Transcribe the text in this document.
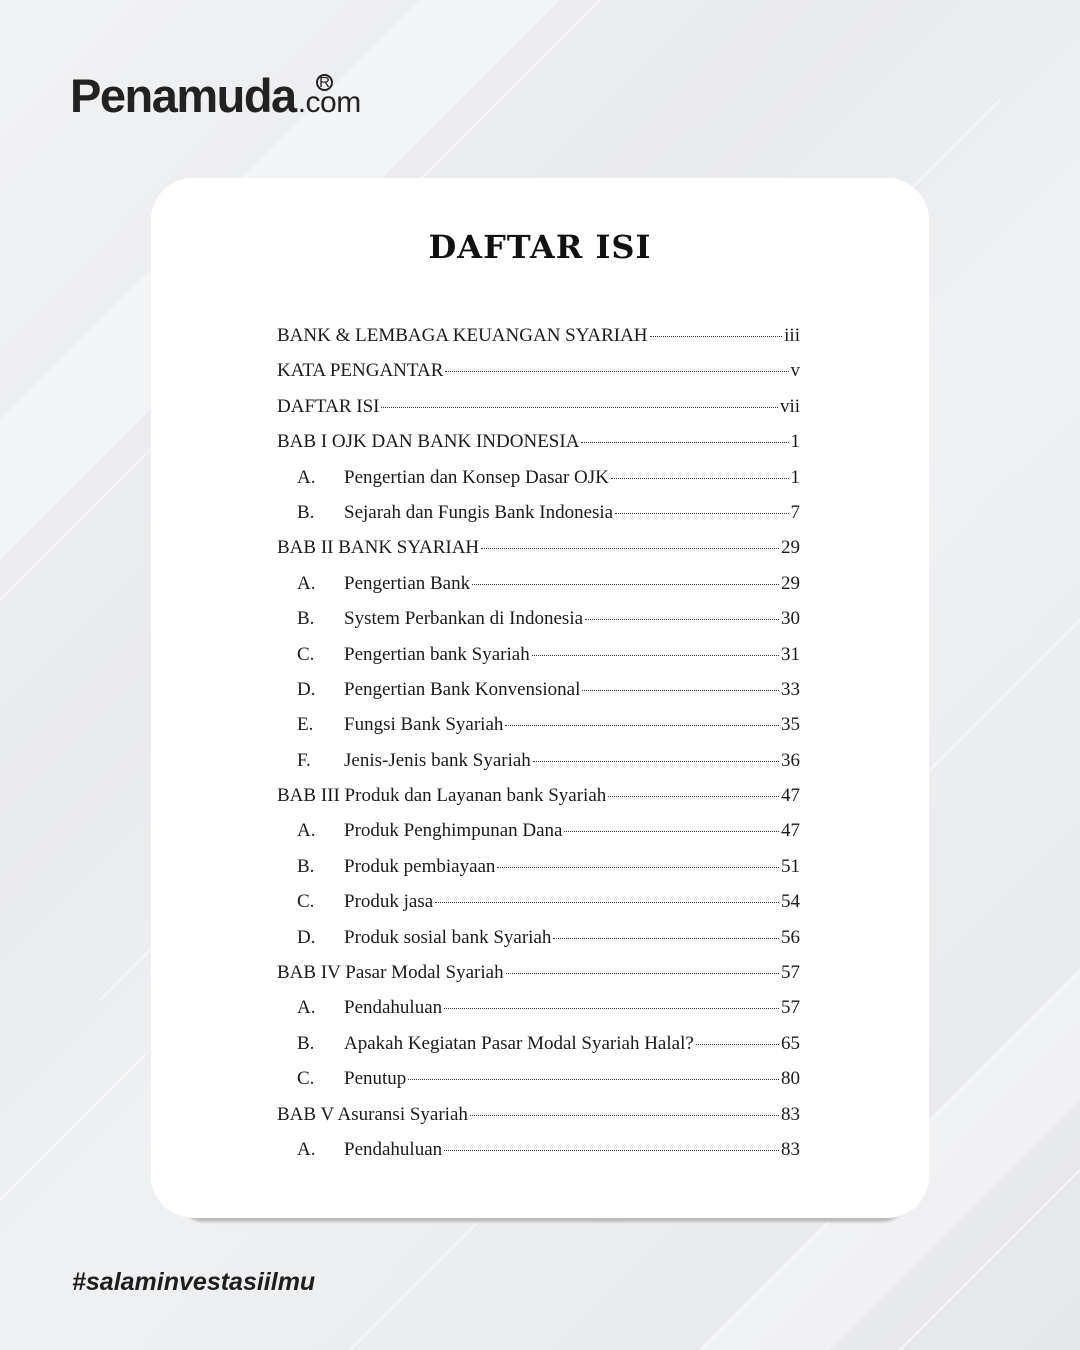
Penamuda R
.com
DAFTAR ISI
BANK & LEMBAGA KEUANGAN SYARIAH	iii
KATA PENGANTAR	v
DAFTAR ISI	vii
BAB I OJK DAN BANK INDONESIA	1
A.	Pengertian dan Konsep Dasar OJK	1
B.	Sejarah dan Fungis Bank Indonesia	7
BAB II BANK SYARIAH	29
A.	Pengertian Bank	29
B.	System Perbankan di Indonesia	30
C.	Pengertian bank Syariah	31
D.	Pengertian Bank Konvensional	33
E.	Fungsi Bank Syariah	35
F.	Jenis-Jenis bank Syariah	36
BAB III Produk dan Layanan bank Syariah	47
A.	Produk Penghimpunan Dana	47
B.	Produk pembiayaan	51
C.	Produk jasa	54
D.	Produk sosial bank Syariah	56
BAB IV Pasar Modal Syariah	57
A.	Pendahuluan	57
B.	Apakah Kegiatan Pasar Modal Syariah Halal?	65
C.	Penutup	80
BAB V Asuransi Syariah	83
A.	Pendahuluan	83
#salaminvestasiilmu
